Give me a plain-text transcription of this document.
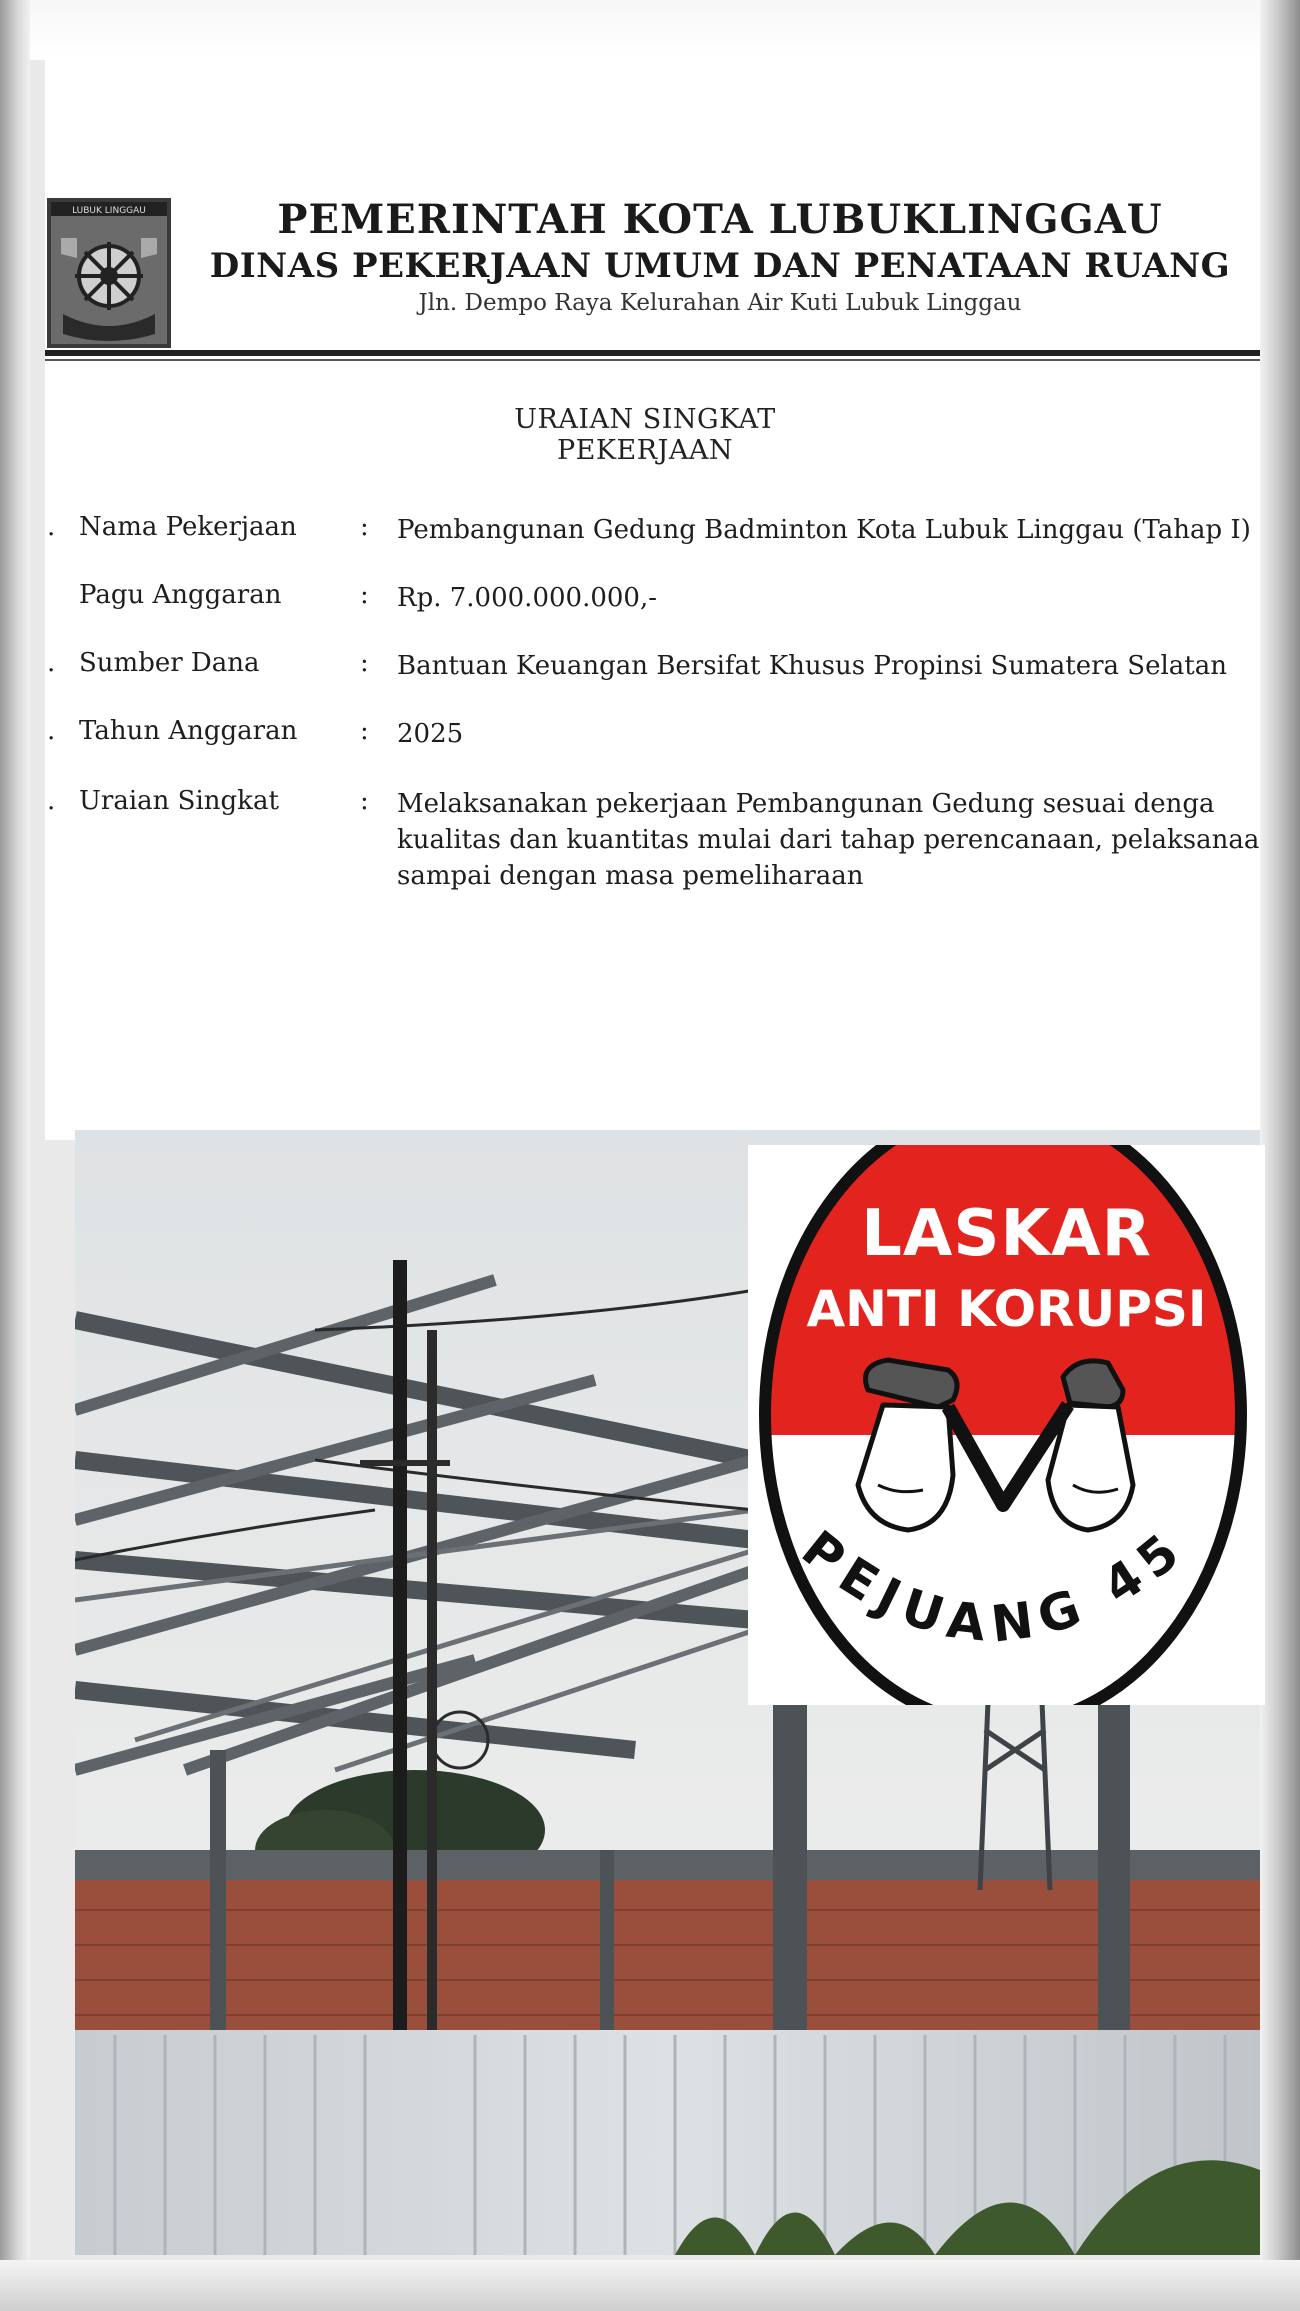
LUBUK LINGGAU	PEMERINTAH KOTA LUBUKLINGGAU
DINAS PEKERJAAN UMUM DAN PENATAAN RUANG
Jln. Dempo Raya Kelurahan Air Kuti Lubuk Linggau
URAIAN SINGKAT PEKERJAAN
. Nama Pekerjaan : Pembangunan Gedung Badminton Kota Lubuk Linggau (Tahap I)
Pagu Anggaran	: Rp. 7.000.000.000,-
. Sumber Dana	: Bantuan Keuangan Bersifat Khusus Propinsi Sumatera Selatan
. Tahun Anggaran : 2025
. Uraian Singkat	: Melaksanakan pekerjaan Pembangunan Gedung sesuai denga
kualitas dan kuantitas mulai dari tahap perencanaan, pelaksanaa
sampai dengan masa pemeliharaan
LASKAR
ANTI KORUPSI
PEJUANG 45
